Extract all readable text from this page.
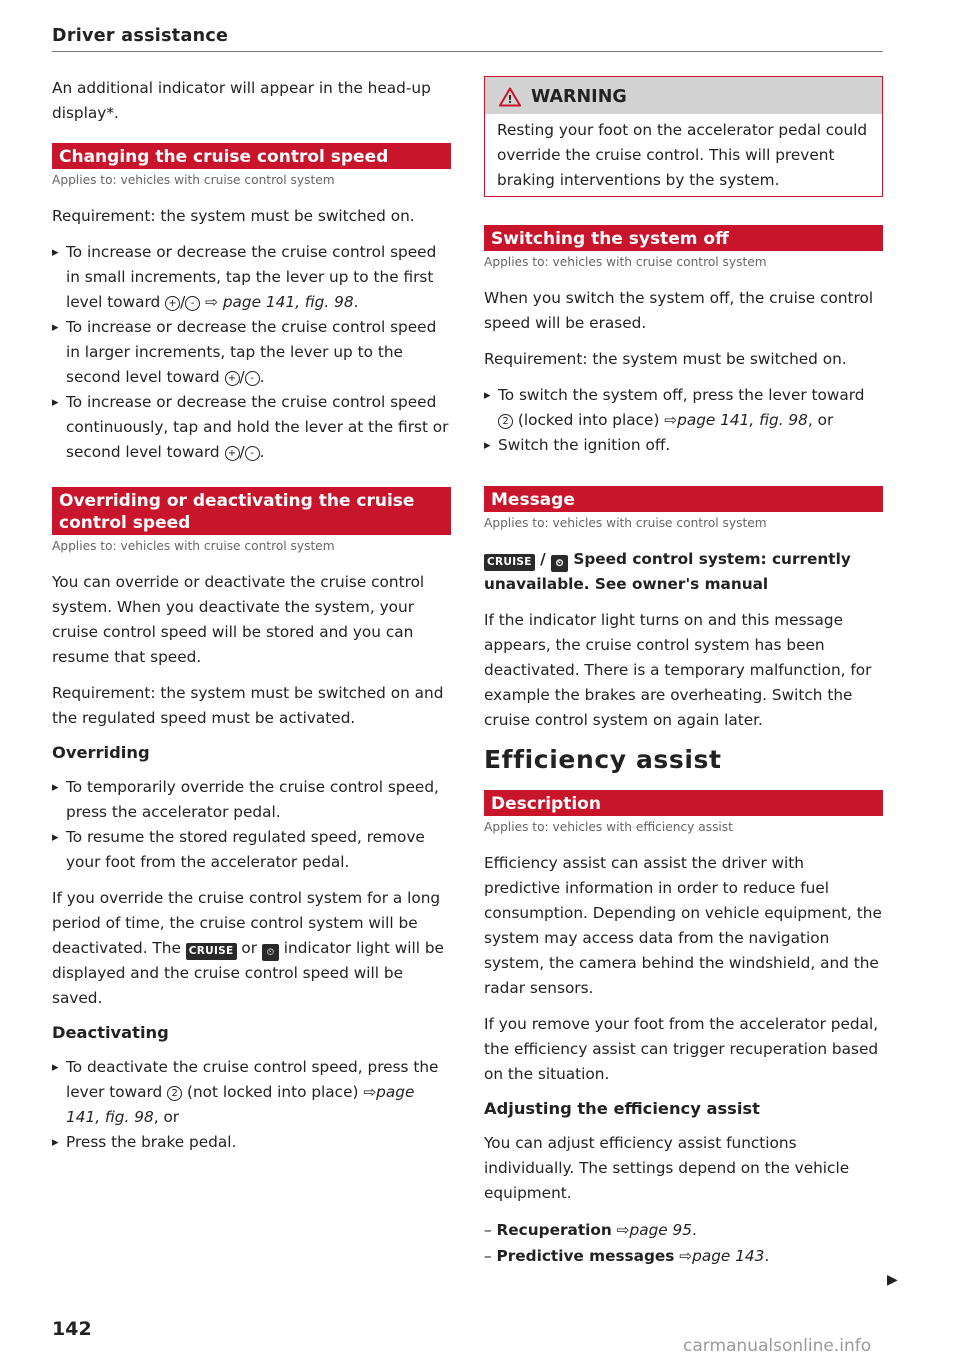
Driver assistance

An additional indicator will appear in the head-up display*.

Changing the cruise control speed
Applies to: vehicles with cruise control system

Requirement: the system must be switched on.

▸ To increase or decrease the cruise control speed in small increments, tap the lever up to the first level toward + / - ⇨ page 141, fig. 98.
▸ To increase or decrease the cruise control speed in larger increments, tap the lever up to the second level toward + / - .
▸ To increase or decrease the cruise control speed continuously, tap and hold the lever at the first or second level toward + / - .
Overriding or deactivating the cruise control speed
Applies to: vehicles with cruise control system

You can override or deactivate the cruise control system. When you deactivate the system, your cruise control speed will be stored and you can resume that speed.

Requirement: the system must be switched on and the regulated speed must be activated.

Overriding
▸ To temporarily override the cruise control speed, press the accelerator pedal.
▸ To resume the stored regulated speed, remove your foot from the accelerator pedal.

If you override the cruise control system for a long period of time, the cruise control system will be deactivated. The CRUISE or ⏲ indicator light will be displayed and the cruise control speed will be saved.

Deactivating
▸ To deactivate the cruise control speed, press the lever toward 2 (not locked into place) ⇨page 141, fig. 98, or
▸ Press the brake pedal.
! WARNING
Resting your foot on the accelerator pedal could override the cruise control. This will prevent braking interventions by the system.
Switching the system off
Applies to: vehicles with cruise control system

When you switch the system off, the cruise control speed will be erased.

Requirement: the system must be switched on.

▸ To switch the system off, press the lever toward 2 (locked into place) ⇨page 141, fig. 98, or
▸ Switch the ignition off.
Message
Applies to: vehicles with cruise control system

CRUISE / ⏲ Speed control system: currently unavailable. See owner's manual

If the indicator light turns on and this message appears, the cruise control system has been deactivated. There is a temporary malfunction, for example the brakes are overheating. Switch the cruise control system on again later.

Efficiency assist
Description
Applies to: vehicles with efficiency assist

Efficiency assist can assist the driver with predictive information in order to reduce fuel consumption. Depending on vehicle equipment, the system may access data from the navigation system, the camera behind the windshield, and the radar sensors.

If you remove your foot from the accelerator pedal, the efficiency assist can trigger recuperation based on the situation.

Adjusting the efficiency assist

You can adjust efficiency assist functions individually. The settings depend on the vehicle equipment.

– Recuperation ⇨page 95.
– Predictive messages ⇨page 143.
▶
142
carmanualsonline.info
